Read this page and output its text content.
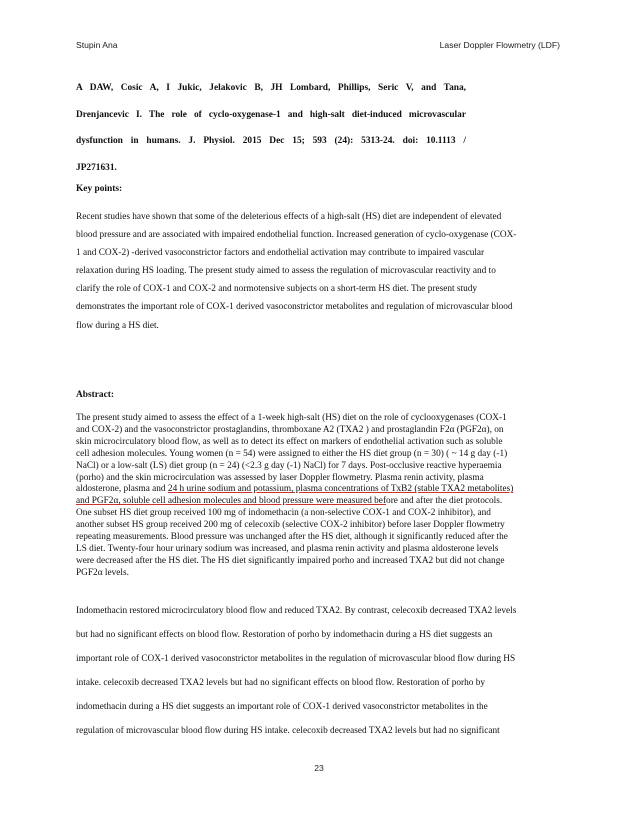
Stupin Ana	Laser Doppler Flowmetry (LDF)
A DAW, Cosic A, I Jukic, Jelakovic B, JH Lombard, Phillips, Seric V, and Tana,
Drenjancevic I. The role of cyclo-oxygenase-1 and high-salt diet-induced microvascular
dysfunction in humans. J. Physiol. 2015 Dec 15; 593 (24): 5313-24. doi: 10.1113 /
JP271631.
Key points:
Recent studies have shown that some of the deleterious effects of a high-salt (HS) diet are independent of elevated
blood pressure and are associated with impaired endothelial function. Increased generation of cyclo-oxygenase (COX-
1 and COX-2) -derived vasoconstrictor factors and endothelial activation may contribute to impaired vascular
relaxation during HS loading. The present study aimed to assess the regulation of microvascular reactivity and to
clarify the role of COX-1 and COX-2 and normotensive subjects on a short-term HS diet. The present study
demonstrates the important role of COX-1 derived vasoconstrictor metabolites and regulation of microvascular blood
flow during a HS diet.
Abstract:
The present study aimed to assess the effect of a 1-week high-salt (HS) diet on the role of cyclooxygenases (COX-1
and COX-2) and the vasoconstrictor prostaglandins, thromboxane A2 (TXA2 ) and prostaglandin F2α (PGF2α), on
skin microcirculatory blood flow, as well as to detect its effect on markers of endothelial activation such as soluble
cell adhesion molecules. Young women (n = 54) were assigned to either the HS diet group (n = 30) ( ~ 14 g day (-1)
NaCl) or a low-salt (LS) diet group (n = 24) (<2.3 g day (-1) NaCl) for 7 days. Post-occlusive reactive hyperaemia
(porho) and the skin microcirculation was assessed by laser Doppler flowmetry. Plasma renin activity, plasma
aldosterone, plasma and 24 h urine sodium and potassium, plasma concentrations of TxB2 (stable TXA2 metabolites)
and PGF2α, soluble cell adhesion molecules and blood pressure were measured before and after the diet protocols.
One subset HS diet group received 100 mg of indomethacin (a non-selective COX-1 and COX-2 inhibitor), and
another subset HS group received 200 mg of celecoxib (selective COX-2 inhibitor) before laser Doppler flowmetry
repeating measurements. Blood pressure was unchanged after the HS diet, although it significantly reduced after the
LS diet. Twenty-four hour urinary sodium was increased, and plasma renin activity and plasma aldosterone levels
were decreased after the HS diet. The HS diet significantly impaired porho and increased TXA2 but did not change
PGF2α levels.
Indomethacin restored microcirculatory blood flow and reduced TXA2. By contrast, celecoxib decreased TXA2 levels
but had no significant effects on blood flow. Restoration of porho by indomethacin during a HS diet suggests an
important role of COX-1 derived vasoconstrictor metabolites in the regulation of microvascular blood flow during HS
intake. celecoxib decreased TXA2 levels but had no significant effects on blood flow. Restoration of porho by
indomethacin during a HS diet suggests an important role of COX-1 derived vasoconstrictor metabolites in the
regulation of microvascular blood flow during HS intake. celecoxib decreased TXA2 levels but had no significant
23
